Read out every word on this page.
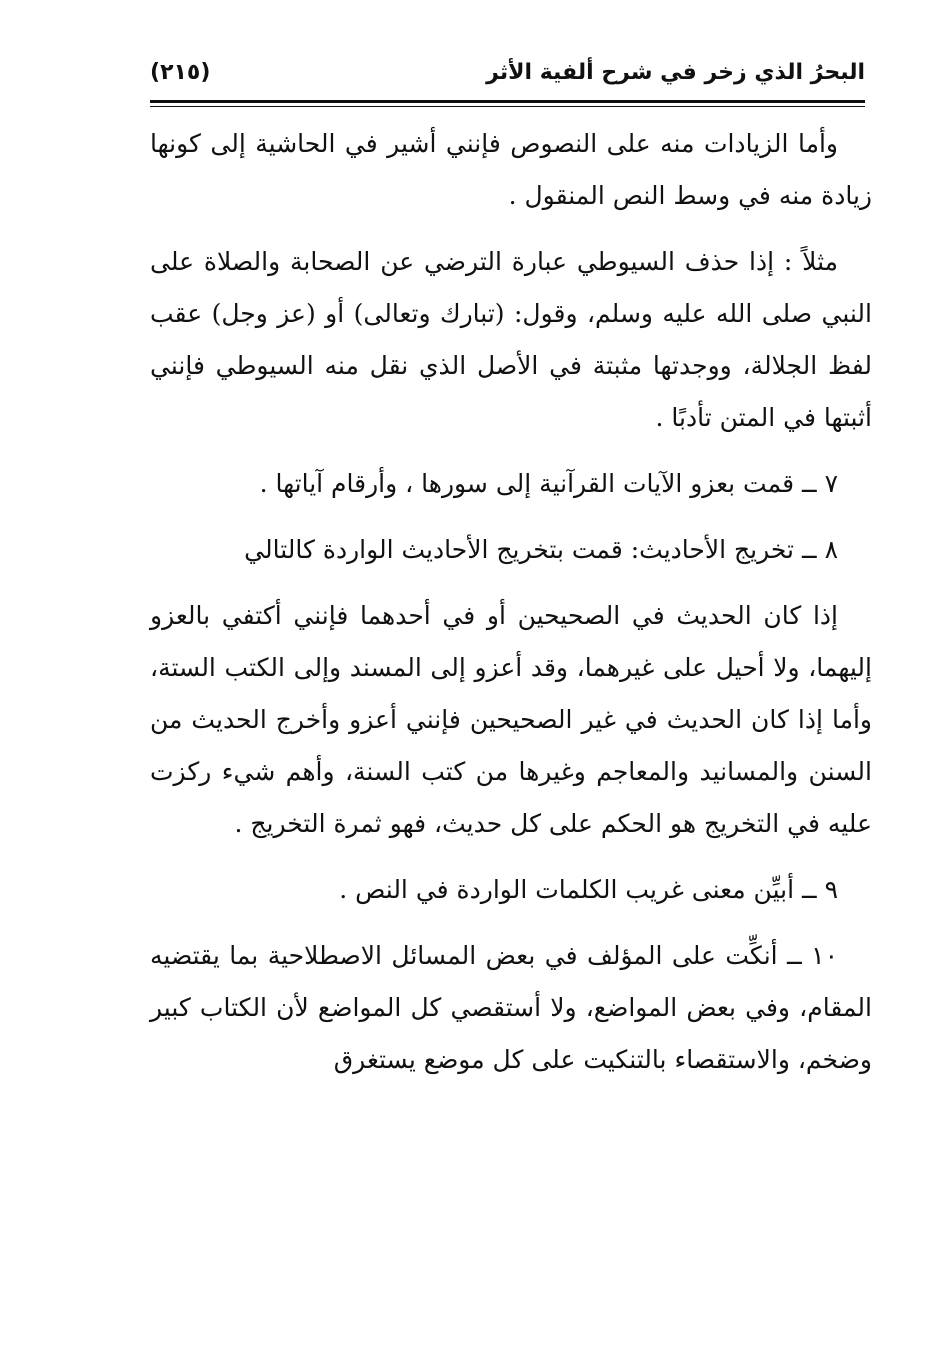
البحرُ الذي زخر في شرح ألفية الأثر
(٢١٥)

وأما الزيادات منه على النصوص فإنني أشير في الحاشية إلى كونها زيادة منه في وسط النص المنقول .

مثلاً : إذا حذف السيوطي عبارة الترضي عن الصحابة والصلاة على النبي صلى الله عليه وسلم، وقول: (تبارك وتعالى) أو (عز وجل) عقب لفظ الجلالة، ووجدتها مثبتة في الأصل الذي نقل منه السيوطي فإنني أثبتها في المتن تأدبًا .

٧ ــ قمت بعزو الآيات القرآنية إلى سورها ، وأرقام آياتها .

٨ ــ تخريج الأحاديث: قمت بتخريج الأحاديث الواردة كالتالي

إذا كان الحديث في الصحيحين أو في أحدهما فإنني أكتفي بالعزو إليهما، ولا أحيل على غيرهما، وقد أعزو إلى المسند وإلى الكتب الستة، وأما إذا كان الحديث في غير الصحيحين فإنني أعزو وأخرج الحديث من السنن والمسانيد والمعاجم وغيرها من كتب السنة، وأهم شيء ركزت عليه في التخريج هو الحكم على كل حديث، فهو ثمرة التخريج .

٩ ــ أبيِّن معنى غريب الكلمات الواردة في النص .

١٠ ــ أنكِّت على المؤلف في بعض المسائل الاصطلاحية بما يقتضيه المقام، وفي بعض المواضع، ولا أستقصي كل المواضع لأن الكتاب كبير وضخم، والاستقصاء بالتنكيت على كل موضع يستغرق
